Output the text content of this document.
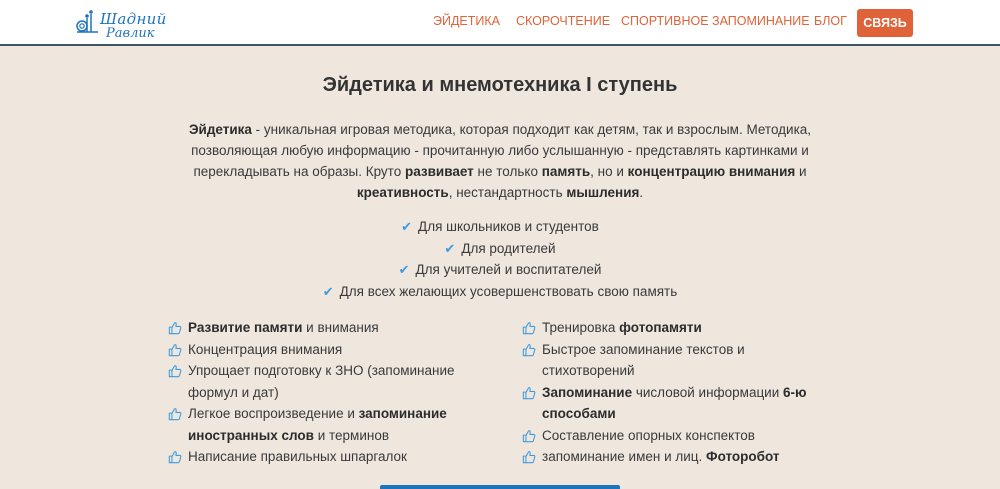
Шадний
Равлик
ЭЙДЕТИКА СКОРОЧТЕНИЕ СПОРТИВНОЕ ЗАПОМИНАНИЕ БЛОГ	СВЯЗЬ
Эйдетика и мнемотехника I ступень

Эйдетика - уникальная игровая методика, которая подходит как детям, так и взрослым. Методика, позволяющая любую информацию - прочитанную либо услышанную - представлять картинками и перекладывать на образы. Круто развивает не только память, но и концентрацию внимания и креативность, нестандартность мышления.

✔ Для школьников и студентов
✔ Для родителей
✔ Для учителей и воспитателей
✔ Для всех желающих усовершенствовать свою память
Развитие памяти и внимания
Концентрация внимания
Упрощает подготовку к ЗНО (запоминание формул и дат)
Легкое воспроизведение и запоминание иностранных слов и терминов
Написание правильных шпаргалок
Тренировка фотопамяти
Быстрое запоминание текстов и стихотворений
Запоминание числовой информации 6-ю способами
Составление опорных конспектов
запоминание имен и лиц. Фоторобот
